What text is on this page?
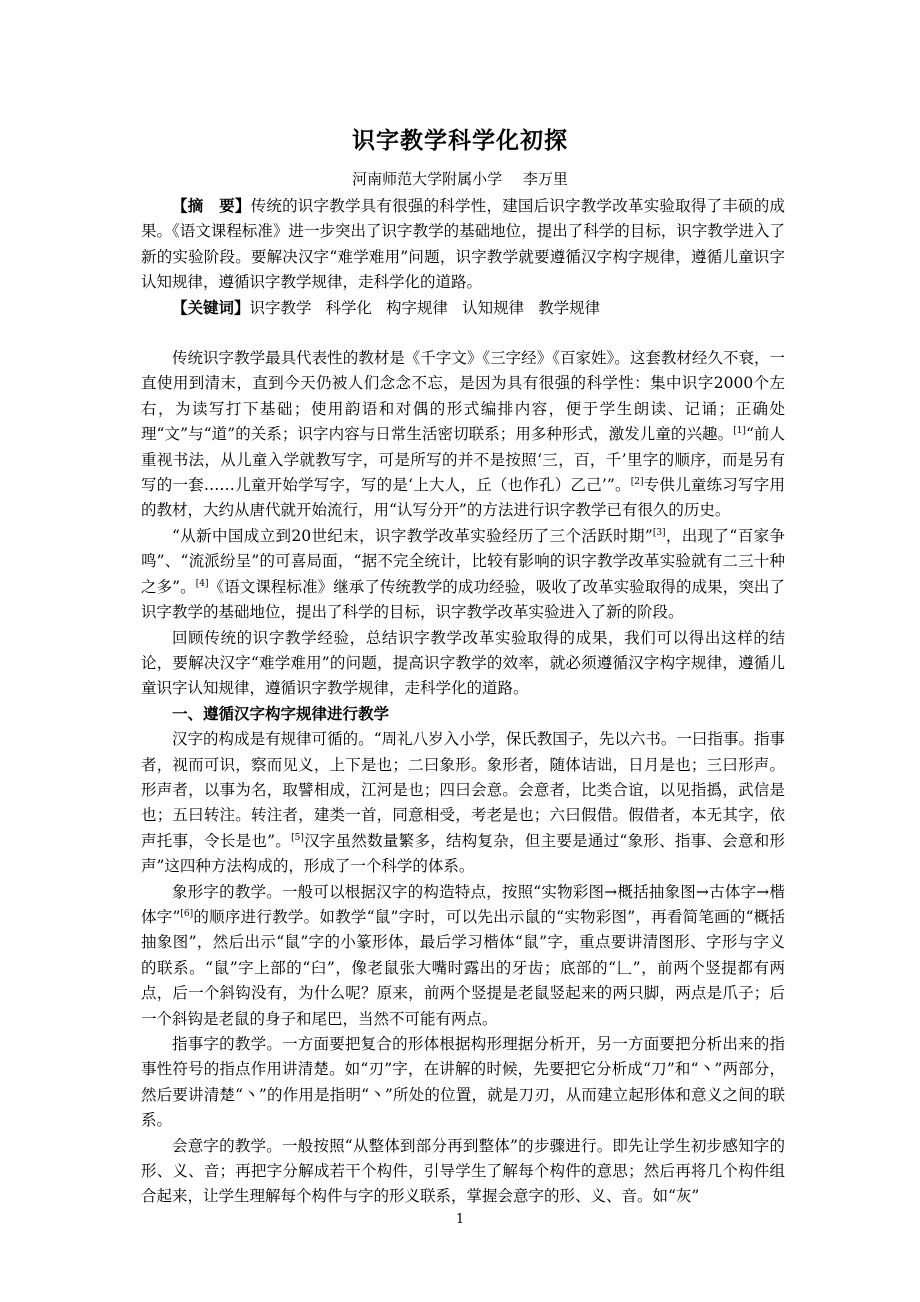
识字教学科学化初探
河南师范大学附属小学 李万里

【摘　要】传统的识字教学具有很强的科学性，建国后识字教学改革实验取得了丰硕的成果。《语文课程标准》进一步突出了识字教学的基础地位，提出了科学的目标，识字教学进入了新的实验阶段。要解决汉字“难学难用”问题，识字教学就要遵循汉字构字规律，遵循儿童识字认知规律，遵循识字教学规律，走科学化的道路。

【关键词】识字教学 科学化 构字规律 认知规律 教学规律

传统识字教学最具代表性的教材是《千字文》《三字经》《百家姓》。这套教材经久不衰，一直使用到清末，直到今天仍被人们念念不忘，是因为具有很强的科学性：集中识字2000个左右，为读写打下基础；使用韵语和对偶的形式编排内容，便于学生朗读、记诵；正确处理“文”与“道”的关系；识字内容与日常生活密切联系；用多种形式，激发儿童的兴趣。[1]“前人重视书法，从儿童入学就教写字，可是所写的并不是按照‘三，百，千’里字的顺序，而是另有写的一套……儿童开始学写字，写的是‘上大人，丘（也作孔）乙己’”。[2]专供儿童练习写字用的教材，大约从唐代就开始流行，用“认写分开”的方法进行识字教学已有很久的历史。

“从新中国成立到20世纪末，识字教学改革实验经历了三个活跃时期”[3]，出现了“百家争鸣”、“流派纷呈”的可喜局面，“据不完全统计，比较有影响的识字教学改革实验就有二三十种之多”。[4]《语文课程标准》继承了传统教学的成功经验，吸收了改革实验取得的成果，突出了识字教学的基础地位，提出了科学的目标，识字教学改革实验进入了新的阶段。

回顾传统的识字教学经验，总结识字教学改革实验取得的成果，我们可以得出这样的结论，要解决汉字“难学难用”的问题，提高识字教学的效率，就必须遵循汉字构字规律，遵循儿童识字认知规律，遵循识字教学规律，走科学化的道路。

一、遵循汉字构字规律进行教学

汉字的构成是有规律可循的。“周礼八岁入小学，保氏教国子，先以六书。一曰指事。指事者，视而可识，察而见义，上下是也；二曰象形。象形者，随体诘诎，日月是也；三曰形声。形声者，以事为名，取譬相成，江河是也；四曰会意。会意者，比类合谊，以见指撝，武信是也；五曰转注。转注者，建类一首，同意相受，考老是也；六曰假借。假借者，本无其字，依声托事，令长是也”。[5]汉字虽然数量繁多，结构复杂，但主要是通过“象形、指事、会意和形声”这四种方法构成的，形成了一个科学的体系。

象形字的教学。一般可以根据汉字的构造特点，按照“实物彩图→概括抽象图→古体字→楷体字”[6]的顺序进行教学。如教学“鼠”字时，可以先出示鼠的“实物彩图”，再看简笔画的“概括抽象图”，然后出示“鼠”字的小篆形体，最后学习楷体“鼠”字，重点要讲清图形、字形与字义的联系。“鼠”字上部的“臼”，像老鼠张大嘴时露出的牙齿；底部的“𠃊”，前两个竖提都有两点，后一个斜钩没有，为什么呢？原来，前两个竖提是老鼠竖起来的两只脚，两点是爪子；后一个斜钩是老鼠的身子和尾巴，当然不可能有两点。

指事字的教学。一方面要把复合的形体根据构形理据分析开，另一方面要把分析出来的指事性符号的指点作用讲清楚。如“刃”字，在讲解的时候，先要把它分析成“刀”和“丶”两部分，然后要讲清楚“丶”的作用是指明“丶”所处的位置，就是刀刃，从而建立起形体和意义之间的联系。

会意字的教学。一般按照“从整体到部分再到整体”的步骤进行。即先让学生初步感知字的形、义、音；再把字分解成若干个构件，引导学生了解每个构件的意思；然后再将几个构件组合起来，让学生理解每个构件与字的形义联系，掌握会意字的形、义、音。如“灰”

1
